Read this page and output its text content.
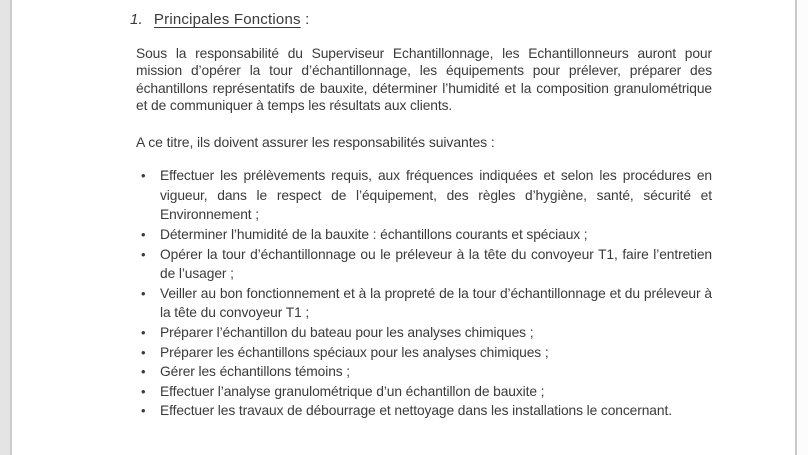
1. Principales Fonctions :

Sous la responsabilité du Superviseur Echantillonnage, les Echantillonneurs auront pour mission d’opérer la tour d’échantillonnage, les équipements pour prélever, préparer des échantillons représentatifs de bauxite, déterminer l’humidité et la composition granulométrique et de communiquer à temps les résultats aux clients.

A ce titre, ils doivent assurer les responsabilités suivantes :

• Effectuer les prélèvements requis, aux fréquences indiquées et selon les procédures en vigueur, dans le respect de l’équipement, des règles d’hygiène, santé, sécurité et Environnement ;
• Déterminer l’humidité de la bauxite : échantillons courants et spéciaux ;
• Opérer la tour d’échantillonnage ou le préleveur à la tête du convoyeur T1, faire l’entretien de l’usager ;
• Veiller au bon fonctionnement et à la propreté de la tour d’échantillonnage et du préleveur à la tête du convoyeur T1 ;
• Préparer l’échantillon du bateau pour les analyses chimiques ;
• Préparer les échantillons spéciaux pour les analyses chimiques ;
• Gérer les échantillons témoins ;
• Effectuer l’analyse granulométrique d’un échantillon de bauxite ;
• Effectuer les travaux de débourrage et nettoyage dans les installations le concernant.
